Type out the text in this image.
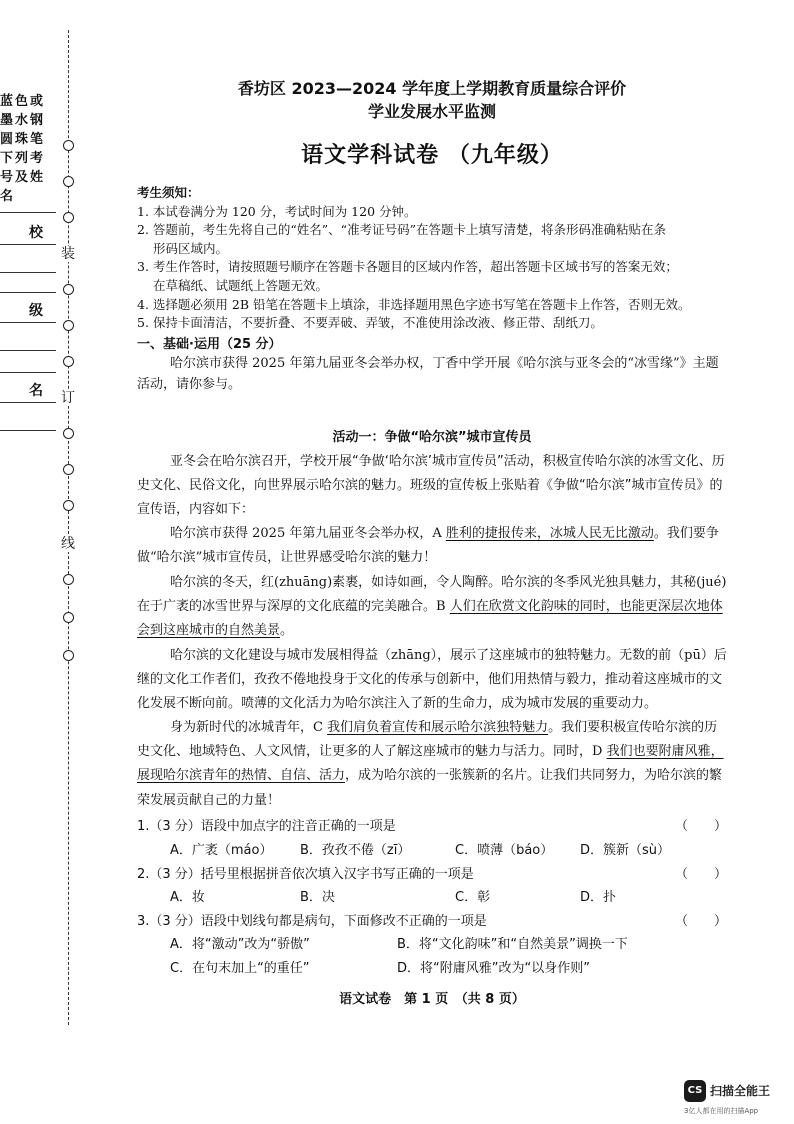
蓝色或墨水钢圆珠笔下列考号及姓名
校
级
名
装
订
线
香坊区 2023—2024 学年度上学期教育质量综合评价
学业发展水平监测
语文学科试卷 （九年级）
考生须知：
1. 本试卷满分为 120 分，考试时间为 120 分钟。
2. 答题前，考生先将自己的“姓名”、“准考证号码”在答题卡上填写清楚，将条形码准确粘贴在条
形码区域内。
3. 考生作答时，请按照题号顺序在答题卡各题目的区域内作答，超出答题卡区域书写的答案无效；
在草稿纸、试题纸上答题无效。
4. 选择题必须用 2B 铅笔在答题卡上填涂，非选择题用黑色字迹书写笔在答题卡上作答，否则无效。
5. 保持卡面清洁，不要折叠、不要弄破、弄皱，不准使用涂改液、修正带、刮纸刀。
一、基础·运用（25 分）
哈尔滨市获得 2025 年第九届亚冬会举办权，丁香中学开展《哈尔滨与亚冬会的“冰雪缘”》主题活动，请你参与。
活动一：争做“哈尔滨”城市宣传员
亚冬会在哈尔滨召开，学校开展“争做‘哈尔滨’城市宣传员”活动，积极宣传哈尔滨的冰雪文化、历史文化、民俗文化，向世界展示哈尔滨的魅力。班级的宣传板上张贴着《争做“哈尔滨”城市宣传员》的宣传语，内容如下：
哈尔滨市获得 2025 年第九届亚冬会举办权，A 胜利的捷报传来，冰城人民无比激动。我们要争做“哈尔滨”城市宣传员，让世界感受哈尔滨的魅力！
哈尔滨的冬天，红(zhuāng)素裹，如诗如画，令人陶醉。哈尔滨的冬季风光独具魅力，其秘(jué)在于广袤的冰雪世界与深厚的文化底蕴的完美融合。B 人们在欣赏文化韵味的同时，也能更深层次地体会到这座城市的自然美景。
哈尔滨的文化建设与城市发展相得益（zhāng），展示了这座城市的独特魅力。无数的前（pū）后继的文化工作者们，孜孜不倦地投身于文化的传承与创新中，他们用热情与毅力，推动着这座城市的文化发展不断向前。喷薄的文化活力为哈尔滨注入了新的生命力，成为城市发展的重要动力。
身为新时代的冰城青年，C 我们肩负着宣传和展示哈尔滨独特魅力。我们要积极宣传哈尔滨的历史文化、地域特色、人文风情，让更多的人了解这座城市的魅力与活力。同时，D 我们也要附庸风雅，展现哈尔滨青年的热情、自信、活力，成为哈尔滨的一张簇新的名片。让我们共同努力，为哈尔滨的繁荣发展贡献自己的力量！
1.（3 分）语段中加点字的注音正确的一项是	（　　）
A．广袤（máo） B．孜孜不倦（zī）	C．喷薄（báo） D．簇新（sù）
2.（3 分）括号里根据拼音依次填入汉字书写正确的一项是	（　　）
A．妆	B．决	C．彰	D．扑
3.（3 分）语段中划线句都是病句，下面修改不正确的一项是	（　　）
A．将“激动”改为“骄傲”	B．将“文化韵味”和“自然美景”调换一下
C．在句末加上“的重任”	D．将“附庸风雅”改为“以身作则”
语文试卷　第 1 页　（共 8 页）
CS 扫描全能王
3亿人都在用的扫描App
